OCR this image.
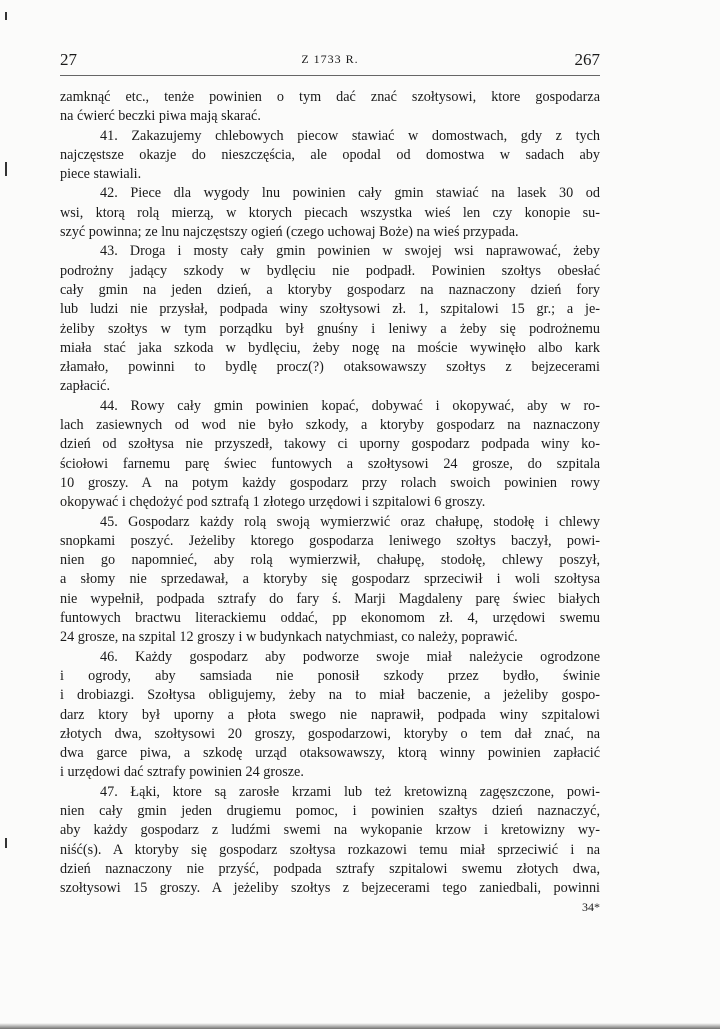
27	Z 1733 R.	267
zamknąć etc., tenże powinien o tym dać znać szołtysowi, ktore gospodarza
na ćwierć beczki piwa mają skarać.
41. Zakazujemy chlebowych piecow stawiać w domostwach, gdy z tych
najczęstsze okazje do nieszczęścia, ale opodal od domostwa w sadach aby
piece stawiali.
42. Piece dla wygody lnu powinien cały gmin stawiać na lasek 30 od
wsi, ktorą rolą mierzą, w ktorych piecach wszystka wieś len czy konopie su-
szyć powinna; ze lnu najczęstszy ogień (czego uchowaj Boże) na wieś przypada.
43. Droga i mosty cały gmin powinien w swojej wsi naprawować, żeby
podrożny jadący szkody w bydlęciu nie podpadł. Powinien szołtys obesłać
cały gmin na jeden dzień, a ktoryby gospodarz na naznaczony dzień fory
lub ludzi nie przysłał, podpada winy szołtysowi zł. 1, szpitalowi 15 gr.; a je-
żeliby szołtys w tym porządku był gnuśny i leniwy a żeby się podrożnemu
miała stać jaka szkoda w bydlęciu, żeby nogę na moście wywinęło albo kark
złamało, powinni to bydlę procz(?) otaksowawszy szołtys z bejzecerami
zapłacić.
44. Rowy cały gmin powinien kopać, dobywać i okopywać, aby w ro-
lach zasiewnych od wod nie było szkody, a ktoryby gospodarz na naznaczony
dzień od szołtysa nie przyszedł, takowy ci uporny gospodarz podpada winy ko-
ściołowi farnemu parę świec funtowych a szołtysowi 24 grosze, do szpitala
10 groszy. A na potym każdy gospodarz przy rolach swoich powinien rowy
okopywać i chędożyć pod sztrafą 1 złotego urzędowi i szpitalowi 6 groszy.
45. Gospodarz każdy rolą swoją wymierzwić oraz chałupę, stodołę i chlewy
snopkami poszyć. Jeżeliby ktorego gospodarza leniwego szołtys baczył, powi-
nien go napomnieć, aby rolą wymierzwił, chałupę, stodołę, chlewy poszył,
a słomy nie sprzedawał, a ktoryby się gospodarz sprzeciwił i woli szołtysa
nie wypełnił, podpada sztrafy do fary ś. Marji Magdaleny parę świec białych
funtowych bractwu literackiemu oddać, pp ekonomom zł. 4, urzędowi swemu
24 grosze, na szpital 12 groszy i w budynkach natychmiast, co należy, poprawić.
46. Każdy gospodarz aby podworze swoje miał należycie ogrodzone
i ogrody, aby samsiada nie ponosił szkody przez bydło, świnie
i drobiazgi. Szołtysa obligujemy, żeby na to miał baczenie, a jeżeliby gospo-
darz ktory był uporny a płota swego nie naprawił, podpada winy szpitalowi
złotych dwa, szołtysowi 20 groszy, gospodarzowi, ktoryby o tem dał znać, na
dwa garce piwa, a szkodę urząd otaksowawszy, ktorą winny powinien zapłacić
i urzędowi dać sztrafy powinien 24 grosze.
47. Łąki, ktore są zarosłe krzami lub też kretowizną zagęszczone, powi-
nien cały gmin jeden drugiemu pomoc, i powinien szałtys dzień naznaczyć,
aby każdy gospodarz z ludźmi swemi na wykopanie krzow i kretowizny wy-
niść(s). A ktoryby się gospodarz szołtysa rozkazowi temu miał sprzeciwić i na
dzień naznaczony nie przyść, podpada sztrafy szpitalowi swemu złotych dwa,
szołtysowi 15 groszy. A jeżeliby szołtys z bejzecerami tego zaniedbali, powinni
34*
